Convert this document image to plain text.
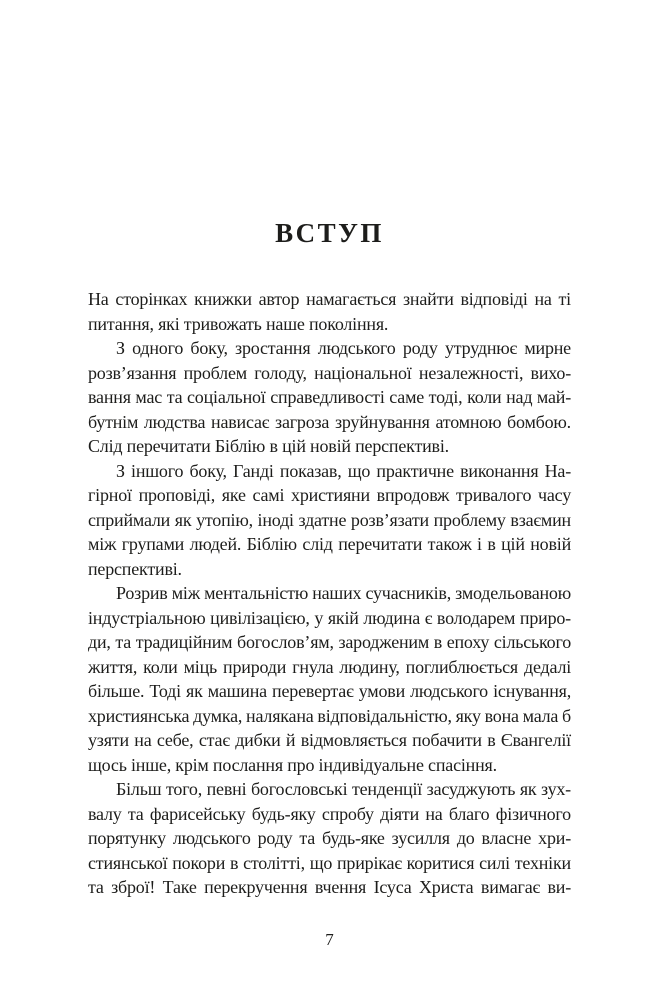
ВСТУП
На сторінках книжки автор намагається знайти відповіді на ті
питання, які тривожать наше покоління.
З одного боку, зростання людського роду утруднює мирне
розв’язання проблем голоду, національної незалежності, вихо-
вання мас та соціальної справедливості саме тоді, коли над май-
бутнім людства нависає загроза зруйнування атомною бомбою.
Слід перечитати Біблію в цій новій перспективі.
З іншого боку, Ганді показав, що практичне виконання На-
гірної проповіді, яке самі християни впродовж тривалого часу
сприймали як утопію, іноді здатне розв’язати проблему взаємин
між групами людей. Біблію слід перечитати також і в цій новій
перспективі.
Розрив між ментальністю наших сучасників, змодельованою
індустріальною цивілізацією, у якій людина є володарем приро-
ди, та традиційним богослов’ям, зародженим в епоху сільського
життя, коли міць природи гнула людину, поглиблюється дедалі
більше. Тоді як машина перевертає умови людського існування,
християнська думка, налякана відповідальністю, яку вона мала б
узяти на себе, стає дибки й відмовляється побачити в Євангелії
щось інше, крім послання про індивідуальне спасіння.
Більш того, певні богословські тенденції засуджують як зух-
валу та фарисейську будь-яку спробу діяти на благо фізичного
порятунку людського роду та будь-яке зусилля до власне хри-
стиянської покори в столітті, що прирікає коритися силі техніки
та зброї! Таке перекручення вчення Ісуса Христа вимагає ви-
7
